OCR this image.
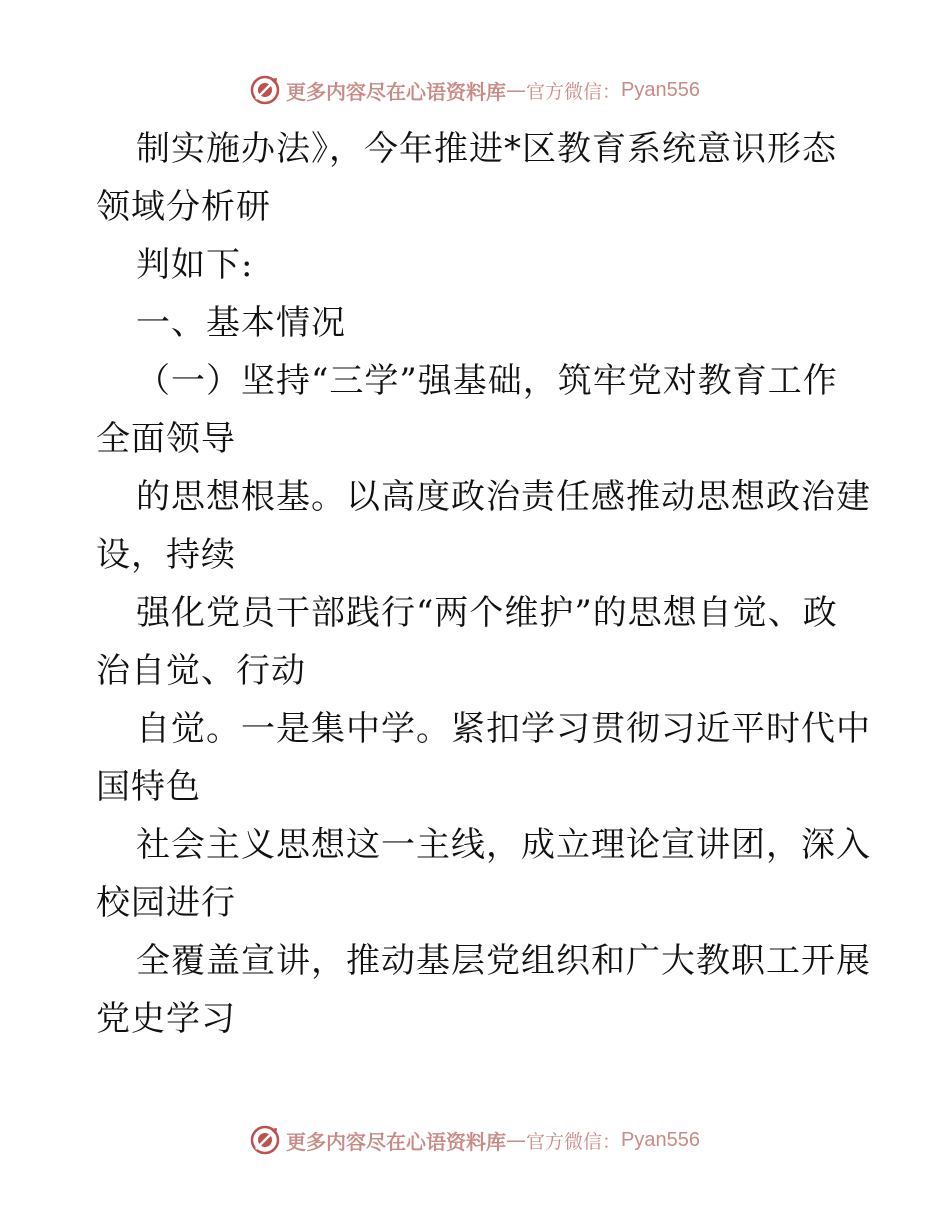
更多内容尽在心语资料库 — 官方微信： Pyan556
制实施办法》，今年推进*区教育系统意识形态
领域分析研
判如下:
一、基本情况
（一）坚持“三学”强基础，筑牢党对教育工作
全面领导
的思想根基。以高度政治责任感推动思想政治建
设，持续
强化党员干部践行“两个维护”的思想自觉、政
治自觉、行动
自觉。一是集中学。紧扣学习贯彻习近平时代中
国特色
社会主义思想这一主线，成立理论宣讲团，深入
校园进行
全覆盖宣讲，推动基层党组织和广大教职工开展
党史学习
更多内容尽在心语资料库 — 官方微信： Pyan556
